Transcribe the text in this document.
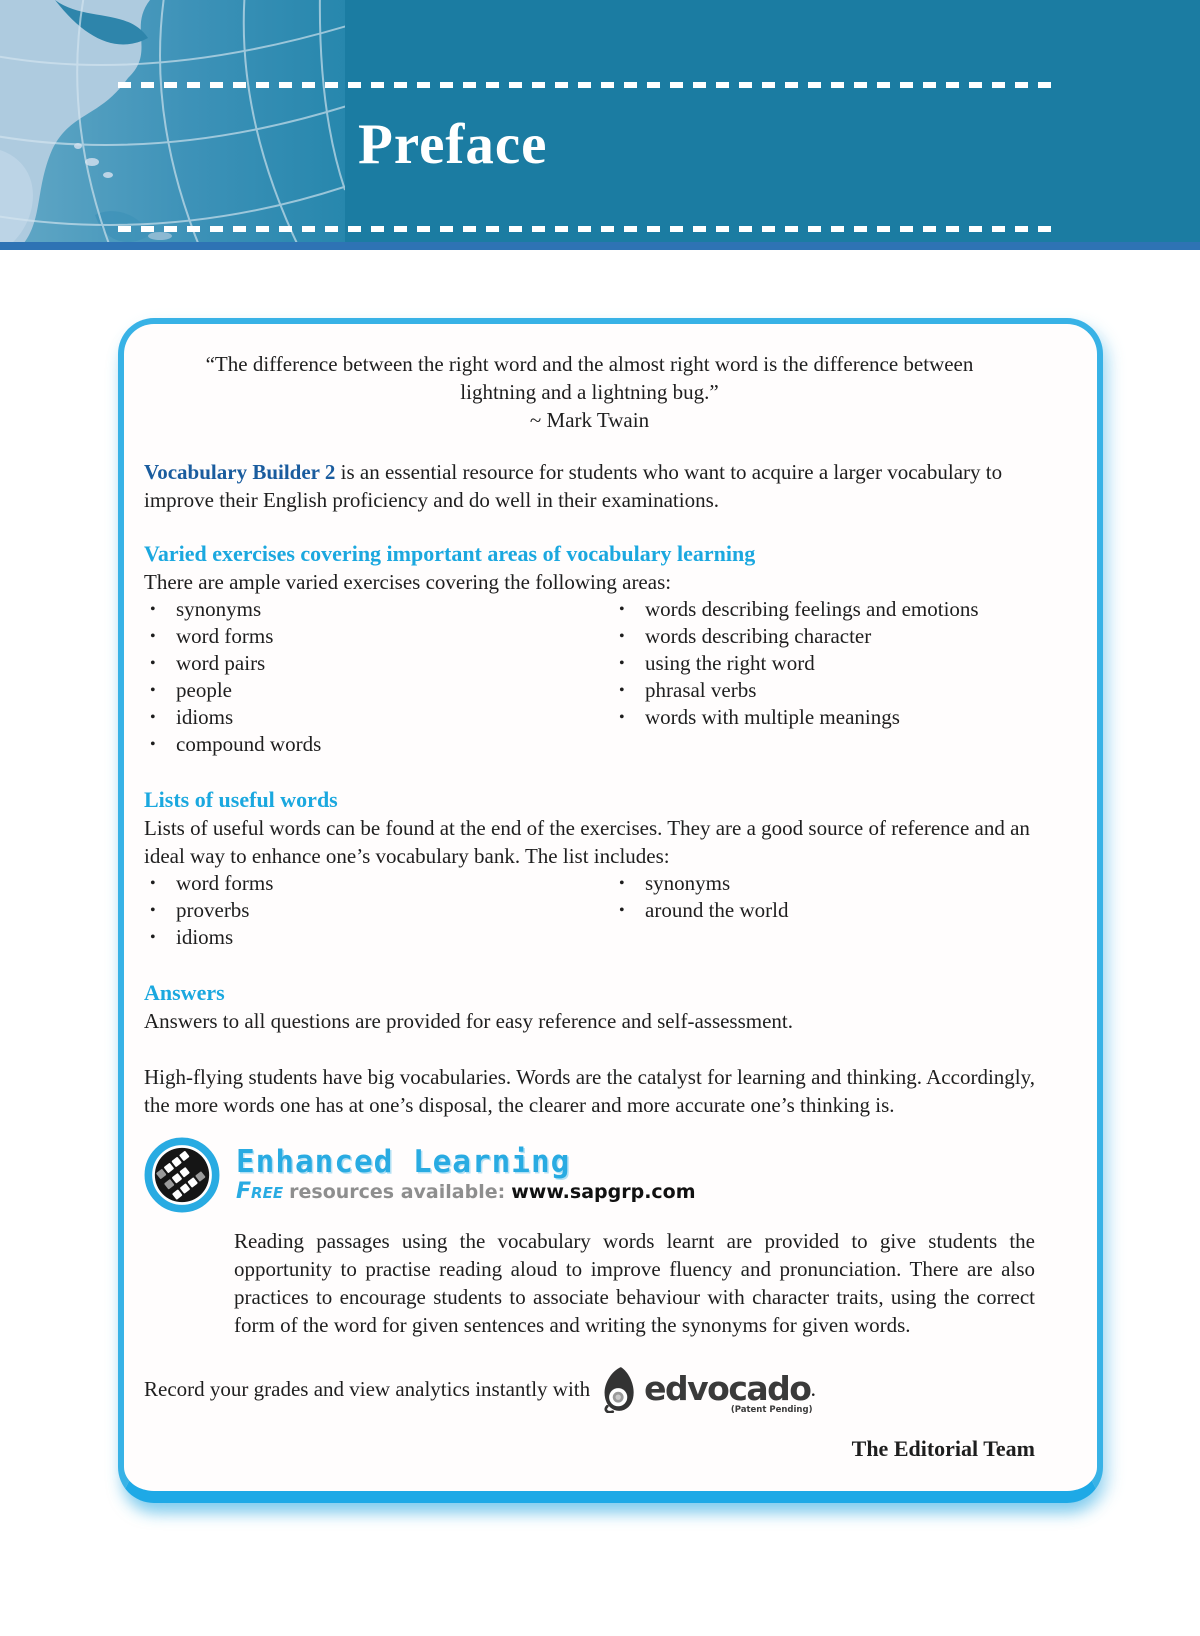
Preface
“The difference between the right word and the almost right word is the difference between
lightning and a lightning bug.”
~ Mark Twain

Vocabulary Builder 2 is an essential resource for students who want to acquire a larger vocabulary to improve their English proficiency and do well in their examinations.

Varied exercises covering important areas of vocabulary learning
There are ample varied exercises covering the following areas:
• synonyms
• word forms
• word pairs
• people
• idioms
• compound words
• words describing feelings and emotions
• words describing character
• using the right word
• phrasal verbs
• words with multiple meanings
Lists of useful words
Lists of useful words can be found at the end of the exercises. They are a good source of reference and an ideal way to enhance one’s vocabulary bank. The list includes:
• word forms
• proverbs
• idioms
• synonyms
• around the world
Answers
Answers to all questions are provided for easy reference and self-assessment.

High-flying students have big vocabularies. Words are the catalyst for learning and thinking. Accordingly, the more words one has at one’s disposal, the clearer and more accurate one’s thinking is.

Enhanced Learning
Free resources available: www.sapgrp.com

Reading passages using the vocabulary words learnt are provided to give students the opportunity to practise reading aloud to improve fluency and pronunciation. There are also practices to encourage students to associate behaviour with character traits, using the correct form of the word for given sentences and writing the synonyms for given words.

Record your grades and view analytics instantly with edvocado
(Patent Pending)
.
The Editorial Team
